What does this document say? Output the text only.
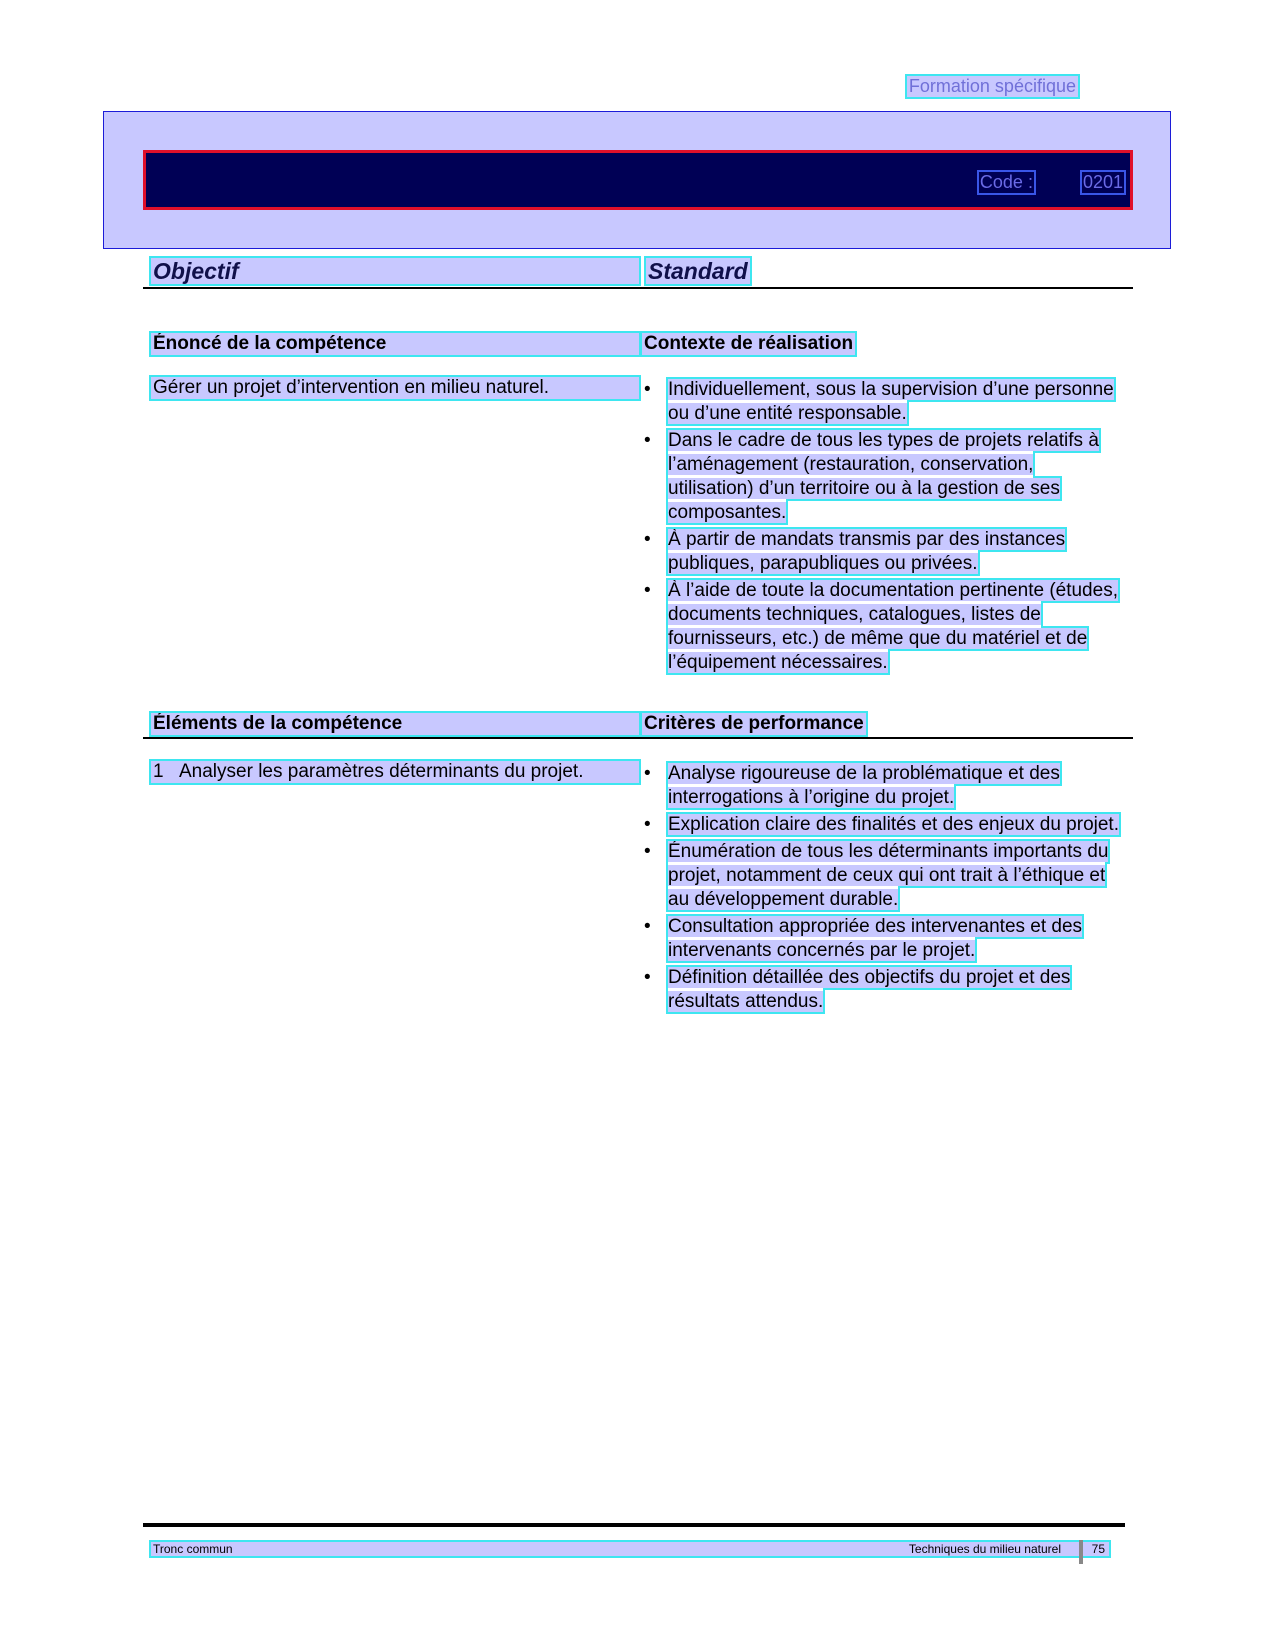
Formation spécifique
Code :	0201
Objectif	Standard
Énoncé de la compétence	Contexte de réalisation
Gérer un projet d’intervention en milieu naturel.	• Individuellement, sous la supervision d’une personne ou d’une entité responsable.
• Dans le cadre de tous les types de projets relatifs à l’aménagement (restauration, conservation, utilisation) d’un territoire ou à la gestion de ses composantes.
• À partir de mandats transmis par des instances publiques, parapubliques ou privées.
• À l’aide de toute la documentation pertinente (études, documents techniques, catalogues, listes de fournisseurs, etc.) de même que du matériel et de l’équipement nécessaires.
Éléments de la compétence	Critères de performance
1 Analyser les paramètres déterminants du projet.	• Analyse rigoureuse de la problématique et des interrogations à l’origine du projet.
• Explication claire des finalités et des enjeux du projet.
• Énumération de tous les déterminants importants du projet, notamment de ceux qui ont trait à l’éthique et au développement durable.
• Consultation appropriée des intervenantes et des intervenants concernés par le projet.
• Définition détaillée des objectifs du projet et des résultats attendus.
Tronc commun	Techniques du milieu naturel	75
